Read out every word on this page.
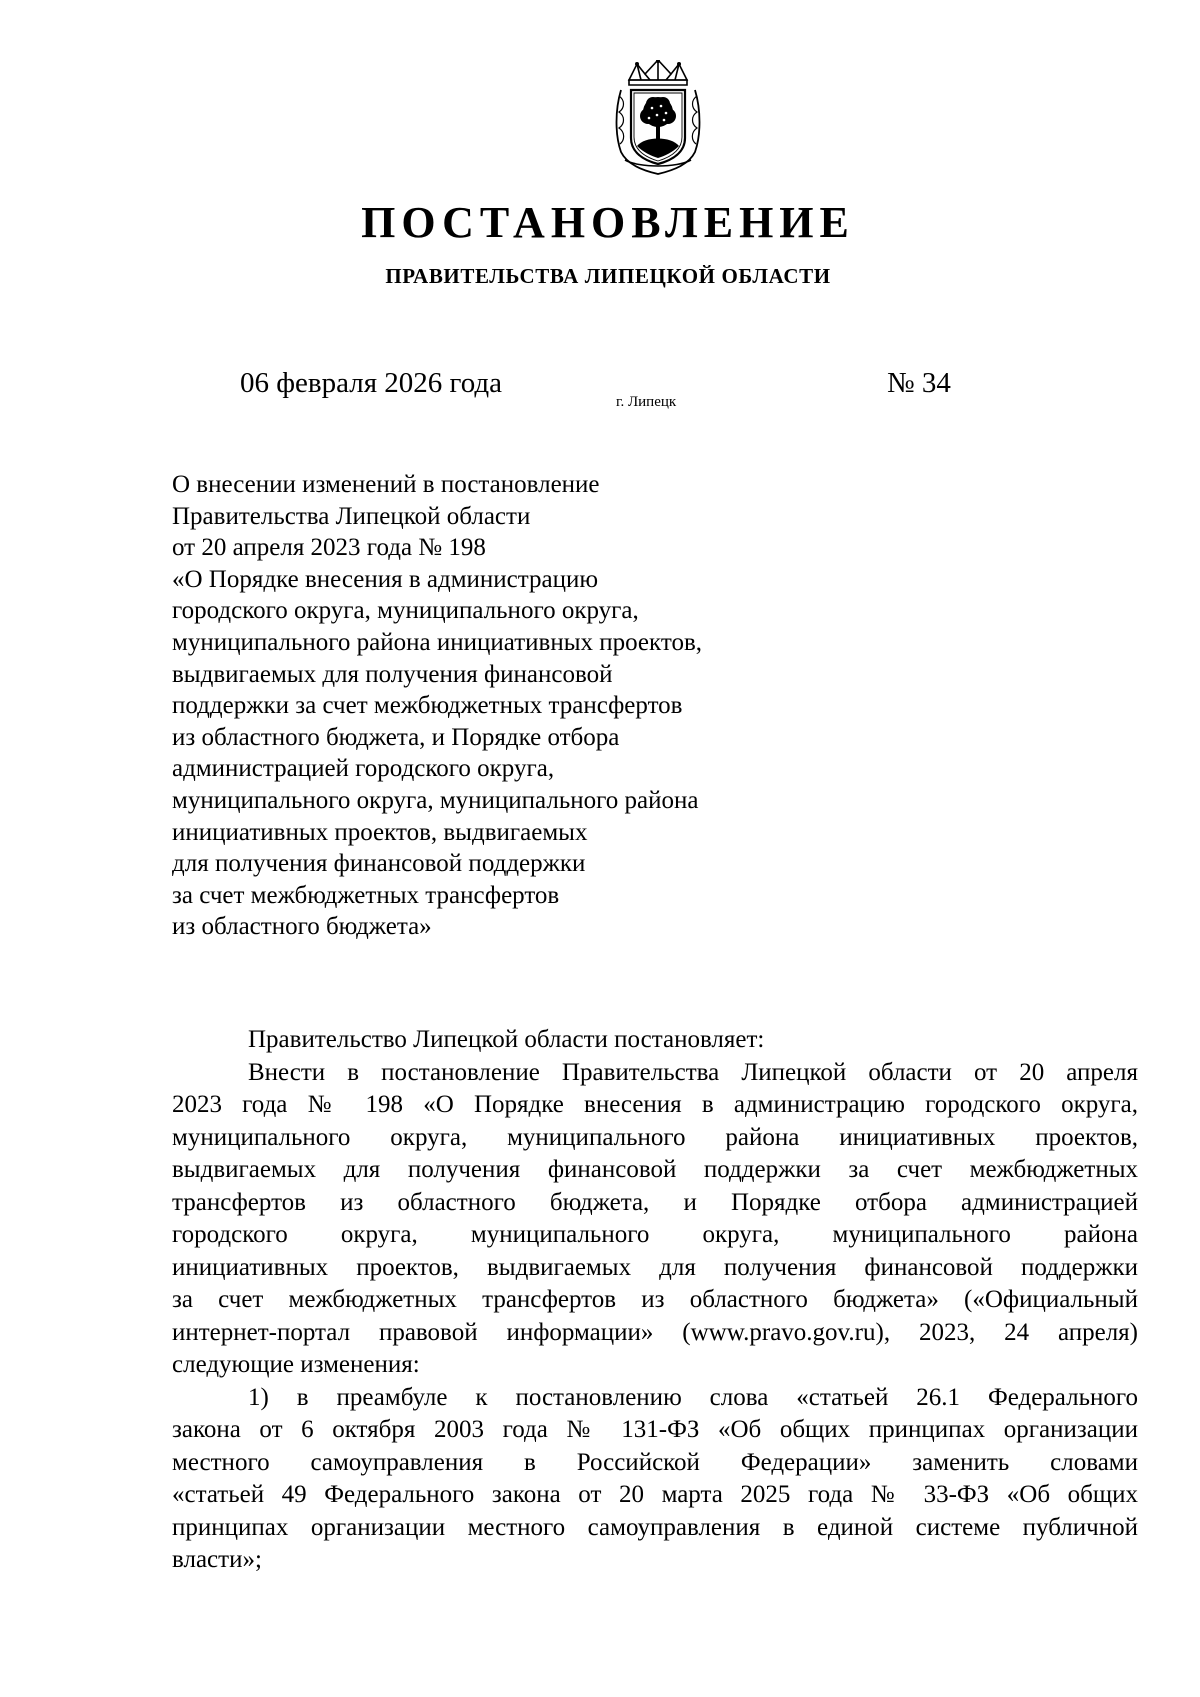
ПОСТАНОВЛЕНИЕ
ПРАВИТЕЛЬСТВА ЛИПЕЦКОЙ ОБЛАСТИ
06 февраля 2026 года
г. Липецк
№ 34
О внесении изменений в постановление
Правительства Липецкой области
от 20 апреля 2023 года № 198
«О Порядке внесения в администрацию
городского округа, муниципального округа,
муниципального района инициативных проектов,
выдвигаемых для получения финансовой
поддержки за счет межбюджетных трансфертов
из областного бюджета, и Порядке отбора
администрацией городского округа,
муниципального округа, муниципального района
инициативных проектов, выдвигаемых
для получения финансовой поддержки
за счет межбюджетных трансфертов
из областного бюджета»

Правительство Липецкой области постановляет:

Внести в постановление Правительства Липецкой области от 20 апреля
2023 года № 198 «О Порядке внесения в администрацию городского округа,
муниципального округа, муниципального района инициативных проектов,
выдвигаемых для получения финансовой поддержки за счет межбюджетных
трансфертов из областного бюджета, и Порядке отбора администрацией
городского округа, муниципального округа, муниципального района
инициативных проектов, выдвигаемых для получения финансовой поддержки
за счет межбюджетных трансфертов из областного бюджета» («Официальный
интернет-портал правовой информации» (www.pravo.gov.ru), 2023, 24 апреля)
следующие изменения:
1) в преамбуле к постановлению слова «статьей 26.1 Федерального
закона от 6 октября 2003 года № 131-ФЗ «Об общих принципах организации
местного самоуправления в Российской Федерации» заменить словами
«статьей 49 Федерального закона от 20 марта 2025 года № 33-ФЗ «Об общих
принципах организации местного самоуправления в единой системе публичной
власти»;
